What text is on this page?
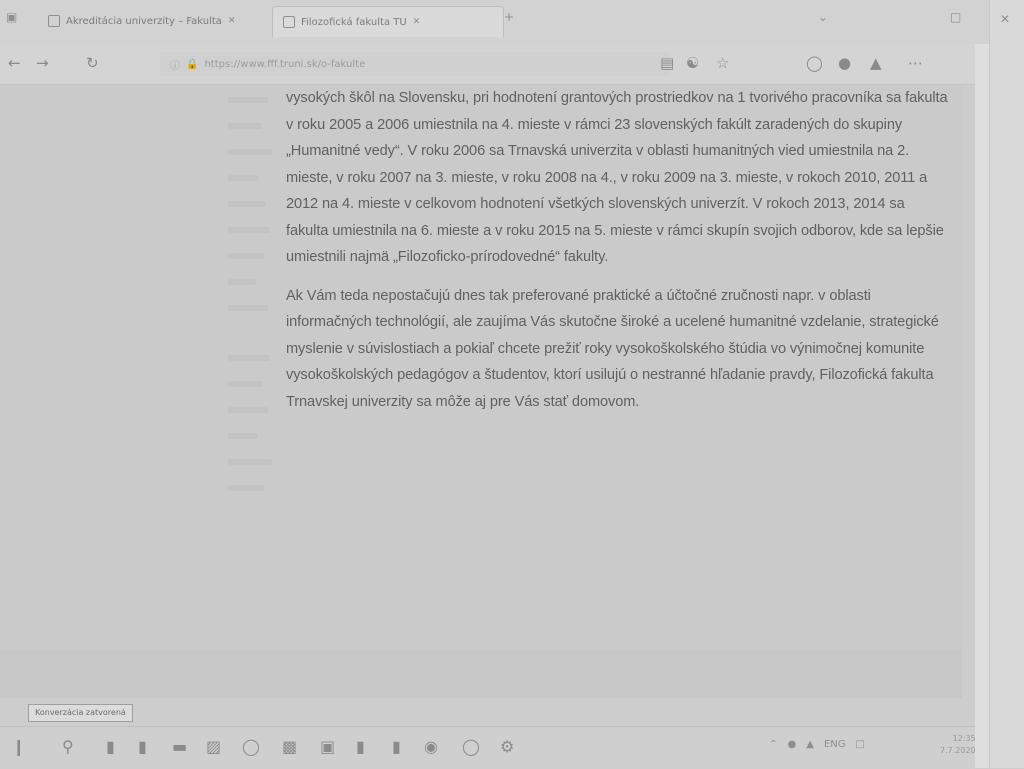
▣	Akreditácia univerzity – Fakulta ✕	Filozofická fakulta TU ✕	+	⌄	□
← → ↻	ⓘ 🔒 https://www.fff.truni.sk/o-fakulte	▤ ☯ ☆	◯ ● ▲ ⋯

vysokých škôl na Slovensku, pri hodnotení grantových prostriedkov na 1 tvorivého pracovníka sa fakulta v roku 2005 a 2006 umiestnila na 4. mieste v rámci 23 slovenských fakúlt zaradených do skupiny „Humanitné vedy“. V roku 2006 sa Trnavská univerzita v oblasti humanitných vied umiestnila na 2. mieste, v roku 2007 na 3. mieste, v roku 2008 na 4., v roku 2009 na 3. mieste, v rokoch 2010, 2011 a 2012 na 4. mieste v celkovom hodnotení všetkých slovenských univerzít. V rokoch 2013, 2014 sa fakulta umiestnila na 6. mieste a v roku 2015 na 5. mieste v rámci skupín svojich odborov, kde sa lepšie umiestnili najmä „Filozoficko-prírodovedné“ fakulty.

Ak Vám teda nepostačujú dnes tak preferované praktické a účtočné zručnosti napr. v oblasti informačných technológií, ale zaujíma Vás skutočne široké a ucelené humanitné vzdelanie, strategické myslenie v súvislostiach a pokiaľ chcete prežiť roky vysokoškolského štúdia vo výnimočnej komunite vysokoškolských pedagógov a študentov, ktorí usilujú o nestranné hľadanie pravdy, Filozofická fakulta Trnavskej univerzity sa môže aj pre Vás stať domovom.

✕
Konverzácia zatvorená
❙ ⚲ ▮ ▮ ▬ ▨ ◯ ▩ ▣ ▮ ▮ ◉ ◯ ⚙	⌃ ● ▲ ENG □
12:35
7.7.2020
